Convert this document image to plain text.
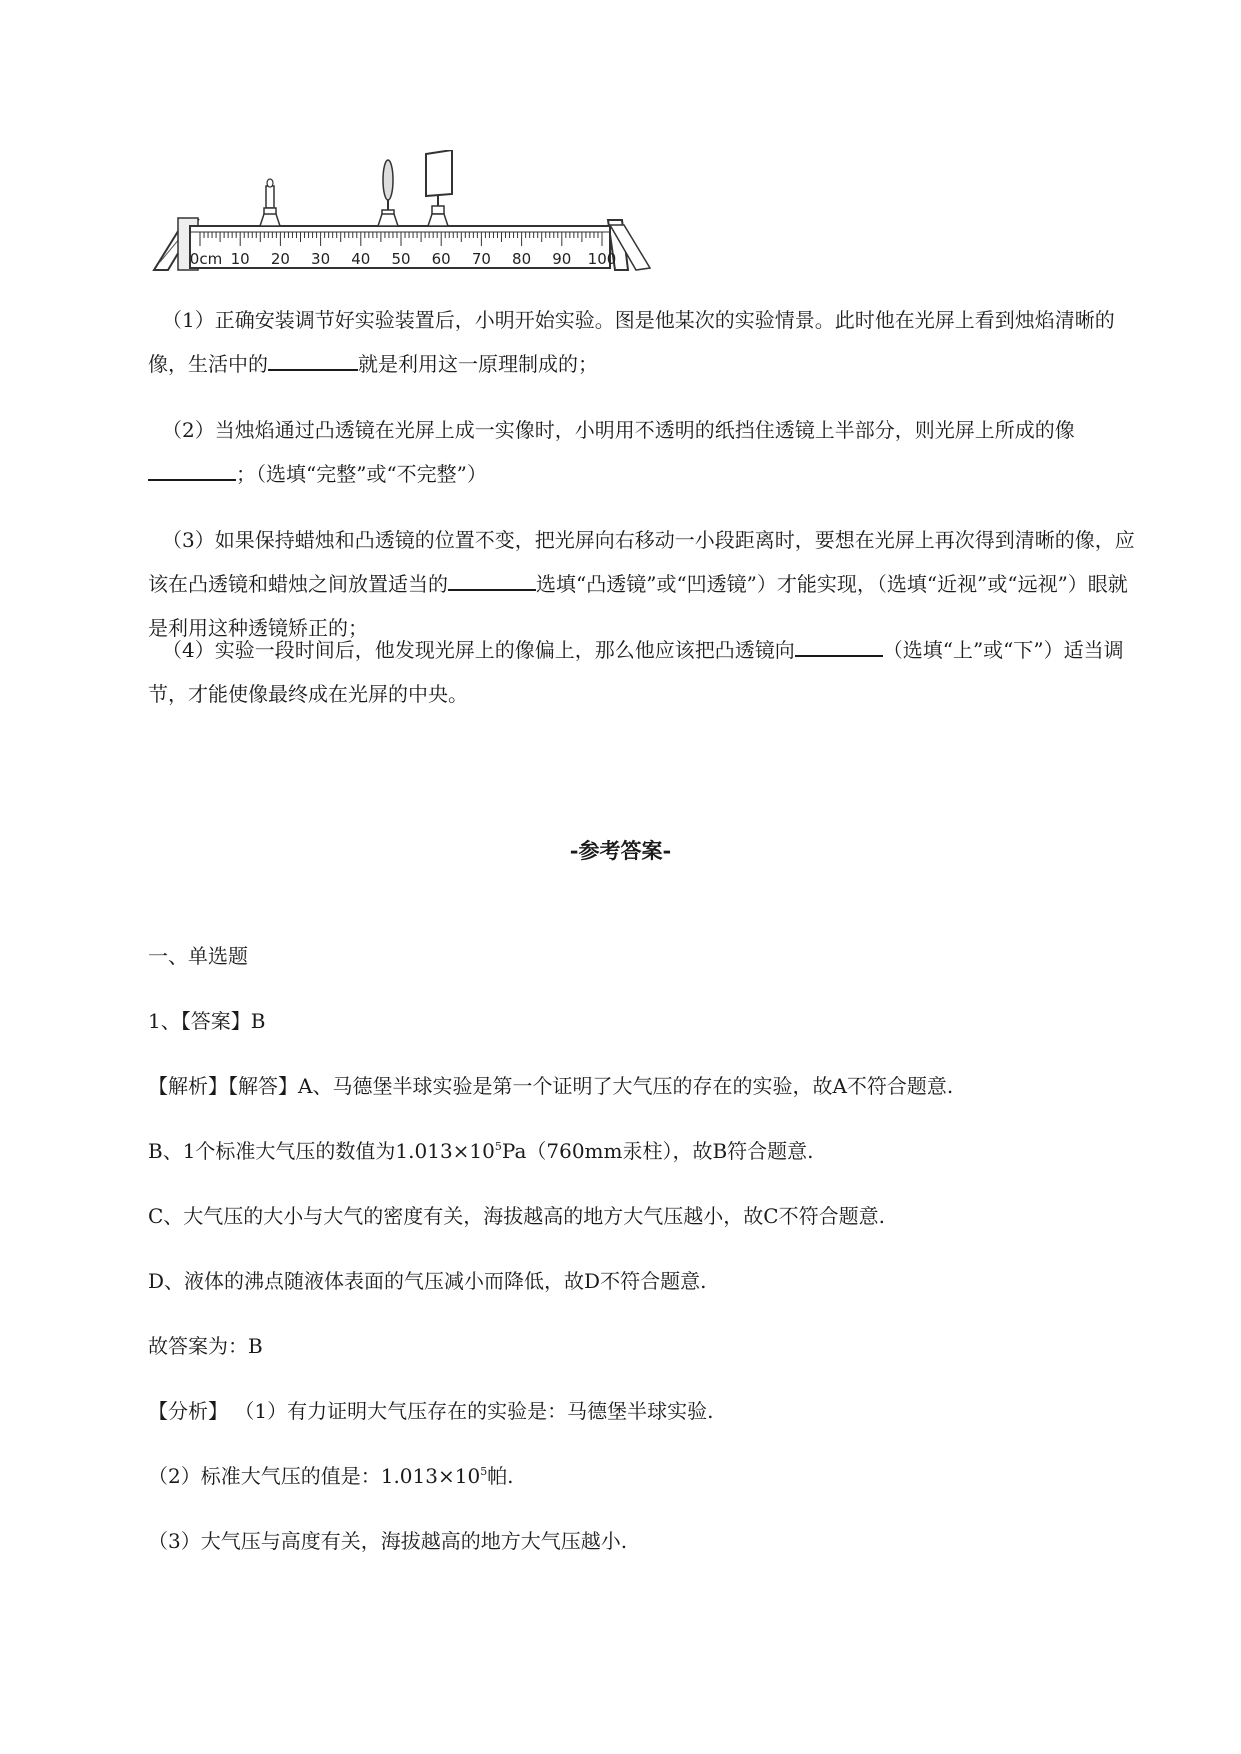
0cm 10 20 30 40 50 60 70 80 90 100

（1）正确安装调节好实验装置后，小明开始实验。图是他某次的实验情景。此时他在光屏上看到烛焰清晰的像，生活中的	就是利用这一原理制成的；

（2）当烛焰通过凸透镜在光屏上成一实像时，小明用不透明的纸挡住透镜上半部分，则光屏上所成的像 ；（选填“完整”或“不完整”）

（3）如果保持蜡烛和凸透镜的位置不变，把光屏向右移动一小段距离时，要想在光屏上再次得到清晰的像，应该在凸透镜和蜡烛之间放置适当的	选填“凸透镜”或“凹透镜”）才能实现，（选填“近视”或“远视”）眼就是利用这种透镜矫正的；

（4）实验一段时间后，他发现光屏上的像偏上，那么他应该把凸透镜向	（选填“上”或“下”）适当调节，才能使像最终成在光屏的中央。

-参考答案-

一、单选题

1、【答案】B

【解析】【解答】A、马德堡半球实验是第一个证明了大气压的存在的实验，故A不符合题意.

B、1个标准大气压的数值为$1.013\times 10^5Pa(760mm$汞柱），故B符合题意.

C、大气压的大小与大气的密度有关，海拔越高的地方大气压越小，故C不符合题意.

D、液体的沸点随液体表面的气压减小而降低，故D不符合题意.

故答案为：B

【分析】 （1）有力证明大气压存在的实验是：马德堡半球实验.

（2）标准大气压的值是：$1.013\times 10^5$帕.

（3）大气压与高度有关，海拔越高的地方大气压越小.
